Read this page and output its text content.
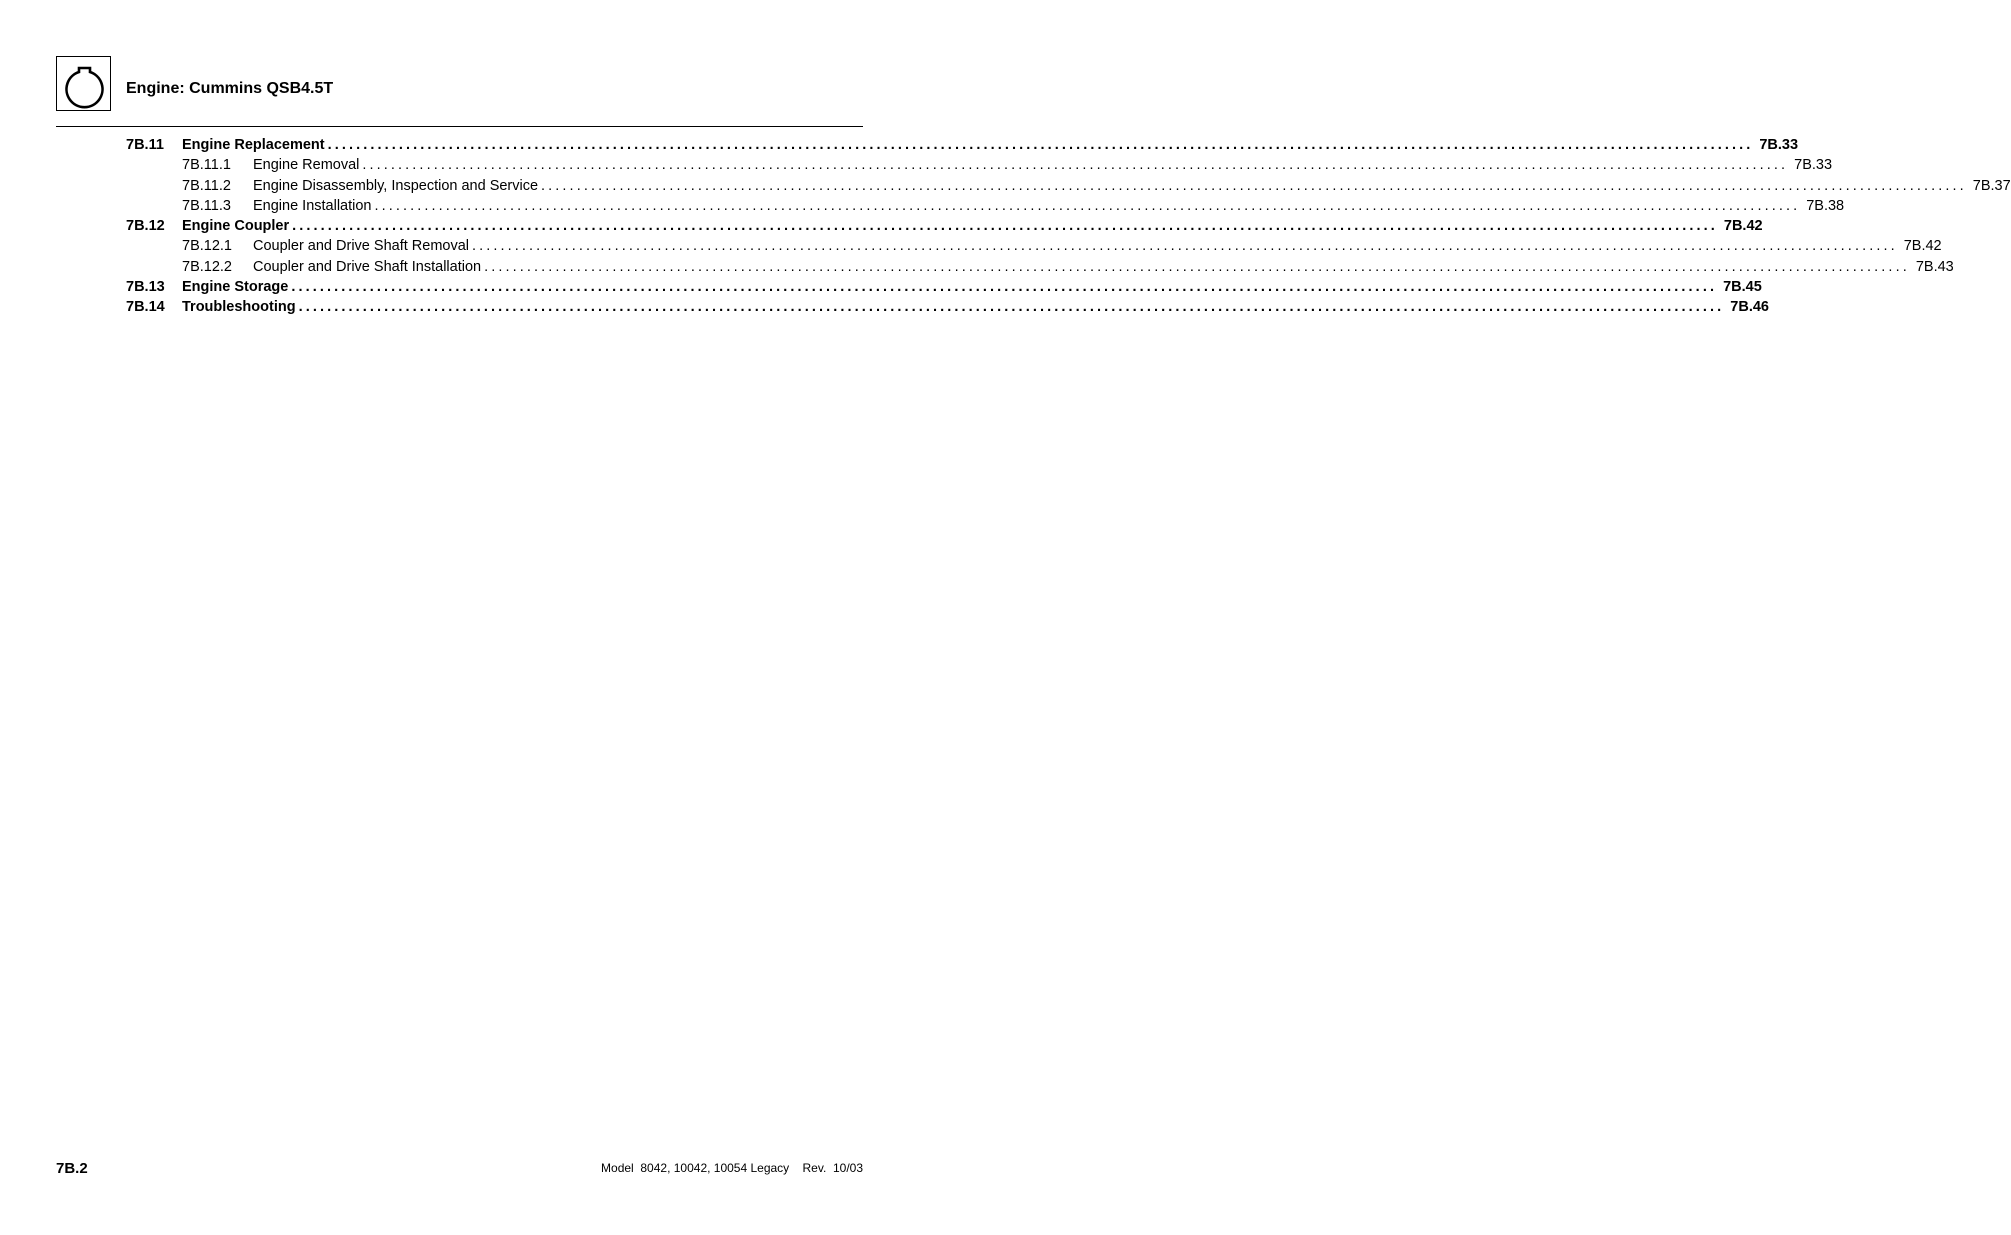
Engine: Cummins QSB4.5T
7B.11 Engine Replacement ........................................................................................................................................................................................................ 7B.33
7B.11.1 Engine Removal ........................................................................................................................................................................................................ 7B.33
7B.11.2 Engine Disassembly, Inspection and Service ........................................................................................................................................................................................................ 7B.37
7B.11.3 Engine Installation ........................................................................................................................................................................................................ 7B.38
7B.12 Engine Coupler ........................................................................................................................................................................................................ 7B.42
7B.12.1 Coupler and Drive Shaft Removal ........................................................................................................................................................................................................ 7B.42
7B.12.2 Coupler and Drive Shaft Installation ........................................................................................................................................................................................................ 7B.43
7B.13 Engine Storage ........................................................................................................................................................................................................ 7B.45
7B.14 Troubleshooting ........................................................................................................................................................................................................ 7B.46
7B.2	Model  8042, 10042, 10054 Legacy    Rev.  10/03
